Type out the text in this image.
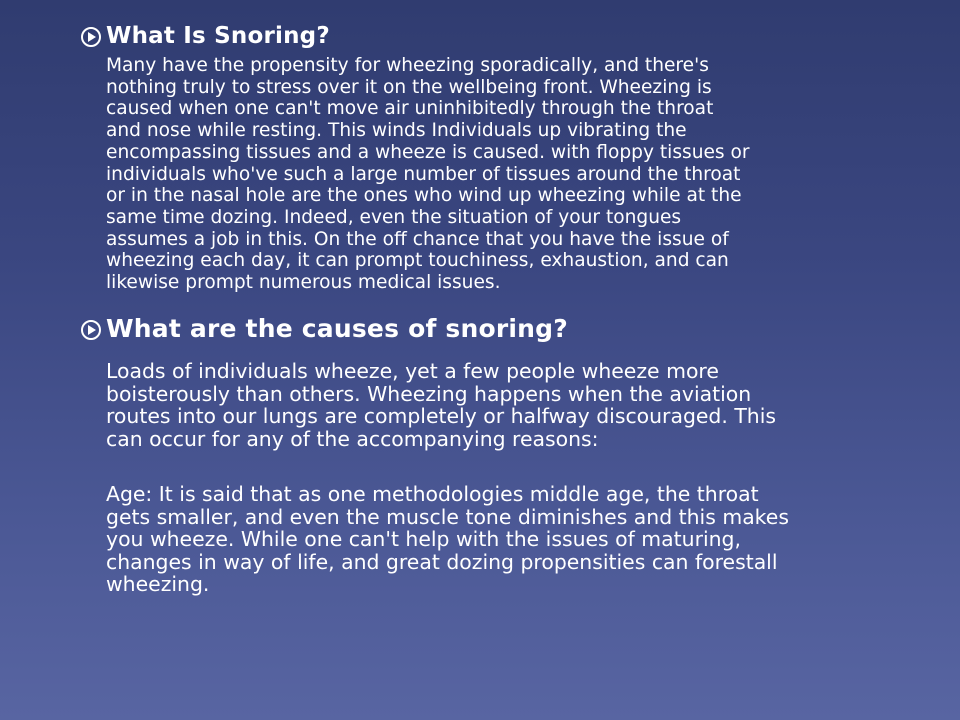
What Is Snoring?

Many have the propensity for wheezing sporadically, and there's
nothing truly to stress over it on the wellbeing front. Wheezing is
caused when one can't move air uninhibitedly through the throat
and nose while resting. This winds Individuals up vibrating the
encompassing tissues and a wheeze is caused. with floppy tissues or
individuals who've such a large number of tissues around the throat
or in the nasal hole are the ones who wind up wheezing while at the
same time dozing. Indeed, even the situation of your tongues
assumes a job in this. On the off chance that you have the issue of
wheezing each day, it can prompt touchiness, exhaustion, and can
likewise prompt numerous medical issues.

What are the causes of snoring?

Loads of individuals wheeze, yet a few people wheeze more
boisterously than others. Wheezing happens when the aviation
routes into our lungs are completely or halfway discouraged. This
can occur for any of the accompanying reasons:

Age: It is said that as one methodologies middle age, the throat
gets smaller, and even the muscle tone diminishes and this makes
you wheeze. While one can't help with the issues of maturing,
changes in way of life, and great dozing propensities can forestall
wheezing.
